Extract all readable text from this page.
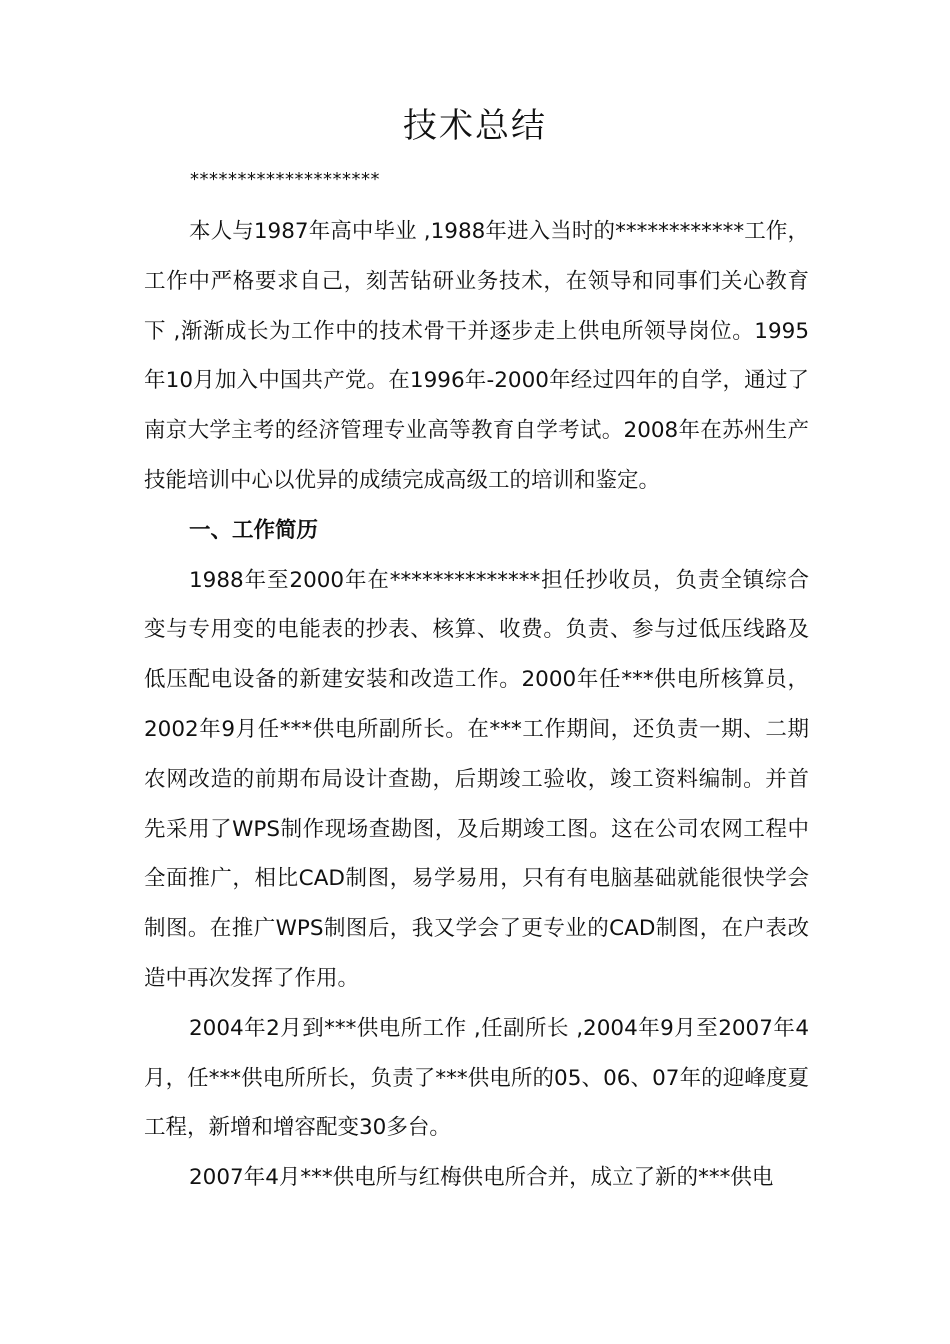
技术总结
********************

本人与1987年高中毕业 ,1988年进入当时的************工作，工作中严格要求自己，刻苦钻研业务技术，在领导和同事们关心教育下 ,渐渐成长为工作中的技术骨干并逐步走上供电所领导岗位。1995年10月加入中国共产党。在1996年-2000年经过四年的自学，通过了南京大学主考的经济管理专业高等教育自学考试。2008年在苏州生产技能培训中心以优异的成绩完成高级工的培训和鉴定。

一、工作简历

1988年至2000年在**************担任抄收员，负责全镇综合变与专用变的电能表的抄表、核算、收费。负责、参与过低压线路及低压配电设备的新建安装和改造工作。2000年任***供电所核算员，2002年9月任***供电所副所长。在***工作期间，还负责一期、二期农网改造的前期布局设计查勘，后期竣工验收，竣工资料编制。并首先采用了WPS制作现场查勘图，及后期竣工图。这在公司农网工程中全面推广，相比CAD制图，易学易用，只有有电脑基础就能很快学会制图。在推广WPS制图后，我又学会了更专业的CAD制图，在户表改造中再次发挥了作用。

2004年2月到***供电所工作 ,任副所长 ,2004年9月至2007年4月，任***供电所所长，负责了***供电所的05、06、07年的迎峰度夏工程，新增和增容配变30多台。

2007年4月***供电所与红梅供电所合并，成立了新的***供电
